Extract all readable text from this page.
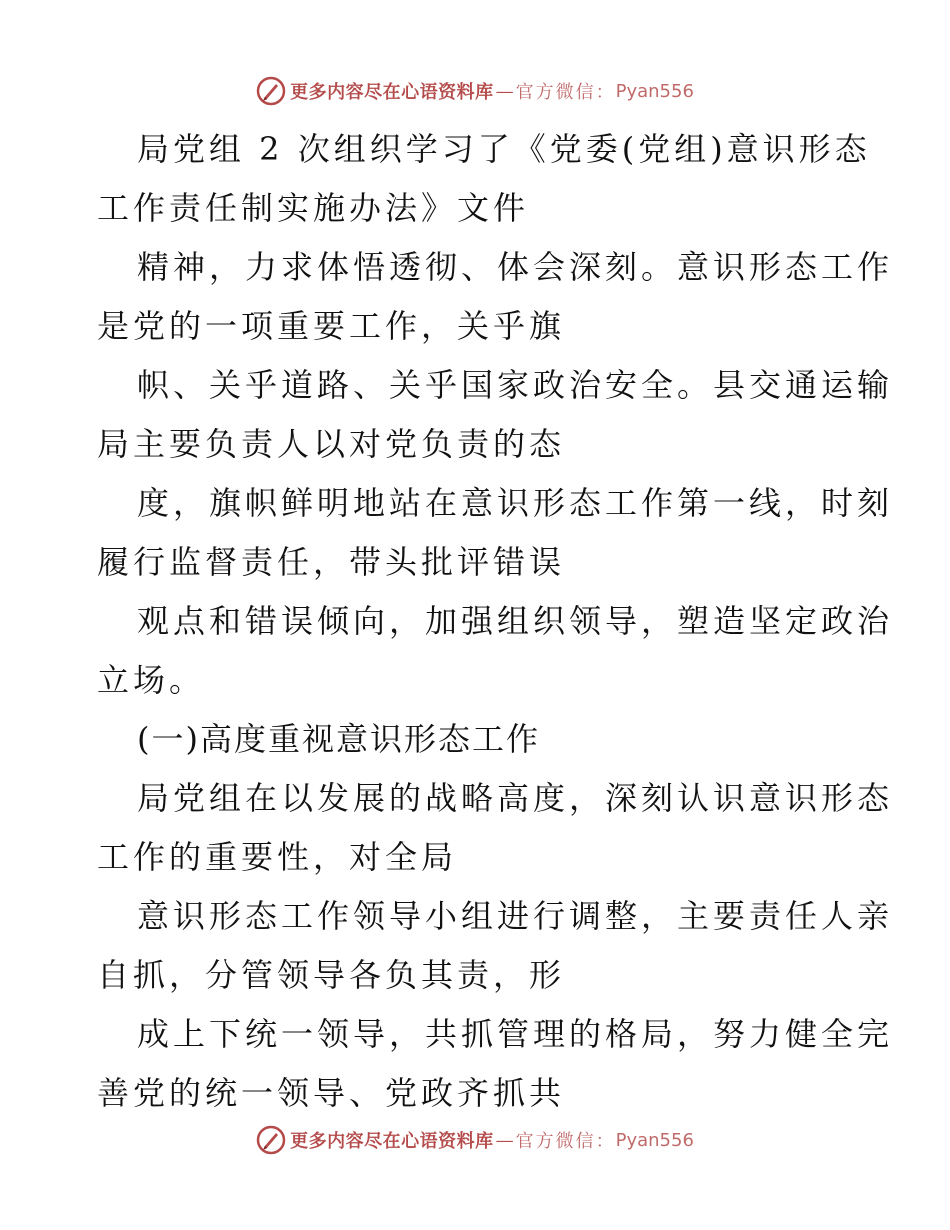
更多内容尽在心语资料库 — 官方微信： Pyan556
局党组 2 次组织学习了《党委(党组)意识形态
工作责任制实施办法》文件
精神，力求体悟透彻、体会深刻。意识形态工作
是党的一项重要工作，关乎旗
帜、关乎道路、关乎国家政治安全。县交通运输
局主要负责人以对党负责的态
度，旗帜鲜明地站在意识形态工作第一线，时刻
履行监督责任，带头批评错误
观点和错误倾向，加强组织领导，塑造坚定政治
立场。
(一)高度重视意识形态工作
局党组在以发展的战略高度，深刻认识意识形态
工作的重要性，对全局
意识形态工作领导小组进行调整，主要责任人亲
自抓，分管领导各负其责，形
成上下统一领导，共抓管理的格局，努力健全完
善党的统一领导、党政齐抓共
更多内容尽在心语资料库 — 官方微信： Pyan556
